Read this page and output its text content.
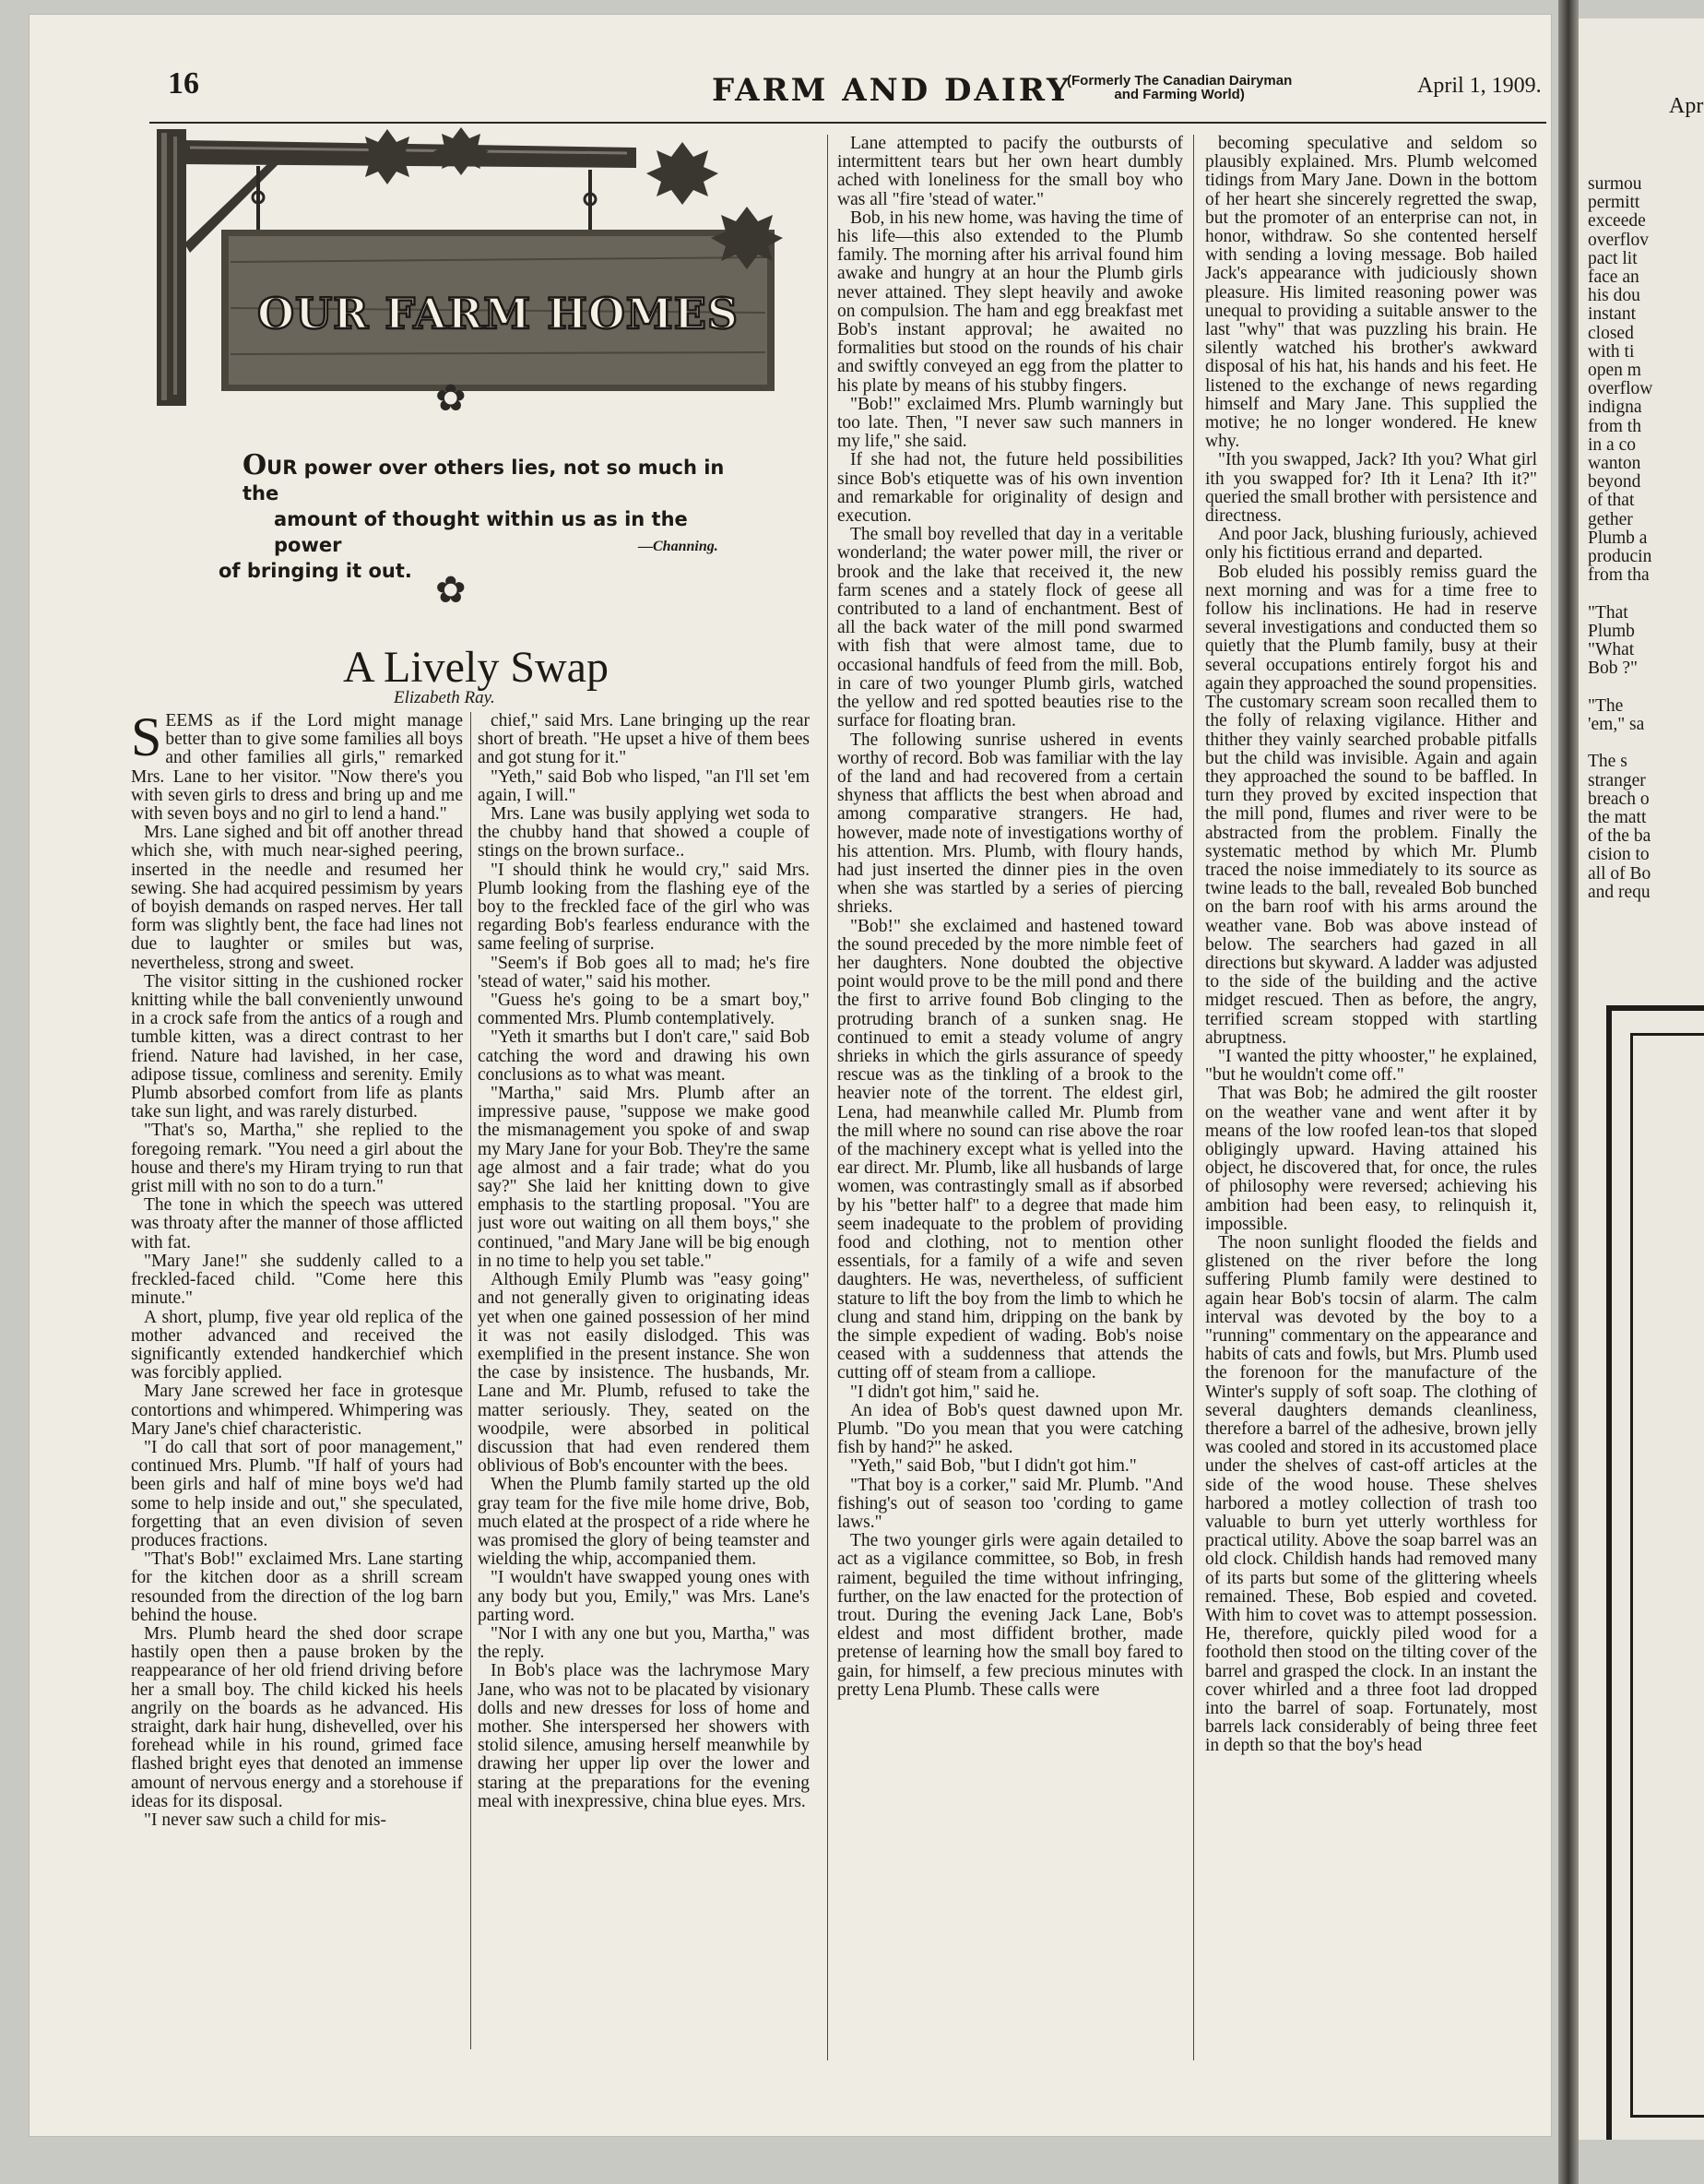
16	FARM AND DAIRY
(Formerly The Canadian Dairyman
and Farming World)	April 1, 1909.
OUR FARM HOMES
✿
OUR power over others lies, not so much in the
amount of thought within us as in the power
of bringing it out.
—Channing.
✿
A Lively Swap
Elizabeth Ray.

SEEMS as if the Lord might manage better than to give some families all boys and other families all girls," remarked Mrs. Lane to her visitor. "Now there's you with seven girls to dress and bring up and me with seven boys and no girl to lend a hand."

Mrs. Lane sighed and bit off another thread which she, with much near-sighed peering, inserted in the needle and resumed her sewing. She had acquired pessimism by years of boyish demands on rasped nerves. Her tall form was slightly bent, the face had lines not due to laughter or smiles but was, nevertheless, strong and sweet.

The visitor sitting in the cushioned rocker knitting while the ball conveniently unwound in a crock safe from the antics of a rough and tumble kitten, was a direct contrast to her friend. Nature had lavished, in her case, adipose tissue, comliness and serenity. Emily Plumb absorbed comfort from life as plants take sun light, and was rarely disturbed.

"That's so, Martha," she replied to the foregoing remark. "You need a girl about the house and there's my Hiram trying to run that grist mill with no son to do a turn."

The tone in which the speech was uttered was throaty after the manner of those afflicted with fat.

"Mary Jane!" she suddenly called to a freckled-faced child. "Come here this minute."

A short, plump, five year old replica of the mother advanced and received the significantly extended handkerchief which was forcibly applied.

Mary Jane screwed her face in grotesque contortions and whimpered. Whimpering was Mary Jane's chief characteristic.

"I do call that sort of poor management," continued Mrs. Plumb. "If half of yours had been girls and half of mine boys we'd had some to help inside and out," she speculated, forgetting that an even division of seven produces fractions.

"That's Bob!" exclaimed Mrs. Lane starting for the kitchen door as a shrill scream resounded from the direction of the log barn behind the house.

Mrs. Plumb heard the shed door scrape hastily open then a pause broken by the reappearance of her old friend driving before her a small boy. The child kicked his heels angrily on the boards as he advanced. His straight, dark hair hung, dishevelled, over his forehead while in his round, grimed face flashed bright eyes that denoted an immense amount of nervous energy and a storehouse if ideas for its disposal.

"I never saw such a child for mis-

chief," said Mrs. Lane bringing up the rear short of breath. "He upset a hive of them bees and got stung for it."

"Yeth," said Bob who lisped, "an I'll set 'em again, I will."

Mrs. Lane was busily applying wet soda to the chubby hand that showed a couple of stings on the brown surface..

"I should think he would cry," said Mrs. Plumb looking from the flashing eye of the boy to the freckled face of the girl who was regarding Bob's fearless endurance with the same feeling of surprise.

"Seem's if Bob goes all to mad; he's fire 'stead of water," said his mother.

"Guess he's going to be a smart boy," commented Mrs. Plumb contemplatively.

"Yeth it smarths but I don't care," said Bob catching the word and drawing his own conclusions as to what was meant.

"Martha," said Mrs. Plumb after an impressive pause, "suppose we make good the mismanagement you spoke of and swap my Mary Jane for your Bob. They're the same age almost and a fair trade; what do you say?" She laid her knitting down to give emphasis to the startling proposal. "You are just wore out waiting on all them boys," she continued, "and Mary Jane will be big enough in no time to help you set table."

Although Emily Plumb was "easy going" and not generally given to originating ideas yet when one gained possession of her mind it was not easily dislodged. This was exemplified in the present instance. She won the case by insistence. The husbands, Mr. Lane and Mr. Plumb, refused to take the matter seriously. They, seated on the woodpile, were absorbed in political discussion that had even rendered them oblivious of Bob's encounter with the bees.

When the Plumb family started up the old gray team for the five mile home drive, Bob, much elated at the prospect of a ride where he was promised the glory of being teamster and wielding the whip, accompanied them.

"I wouldn't have swapped young ones with any body but you, Emily," was Mrs. Lane's parting word.

"Nor I with any one but you, Martha," was the reply.

In Bob's place was the lachrymose Mary Jane, who was not to be placated by visionary dolls and new dresses for loss of home and mother. She interspersed her showers with stolid silence, amusing herself meanwhile by drawing her upper lip over the lower and staring at the preparations for the evening meal with inexpressive, china blue eyes. Mrs.

Lane attempted to pacify the outbursts of intermittent tears but her own heart dumbly ached with loneliness for the small boy who was all "fire 'stead of water."

Bob, in his new home, was having the time of his life—this also extended to the Plumb family. The morning after his arrival found him awake and hungry at an hour the Plumb girls never attained. They slept heavily and awoke on compulsion. The ham and egg breakfast met Bob's instant approval; he awaited no formalities but stood on the rounds of his chair and swiftly conveyed an egg from the platter to his plate by means of his stubby fingers.

"Bob!" exclaimed Mrs. Plumb warningly but too late. Then, "I never saw such manners in my life," she said.

If she had not, the future held possibilities since Bob's etiquette was of his own invention and remarkable for originality of design and execution.

The small boy revelled that day in a veritable wonderland; the water power mill, the river or brook and the lake that received it, the new farm scenes and a stately flock of geese all contributed to a land of enchantment. Best of all the back water of the mill pond swarmed with fish that were almost tame, due to occasional handfuls of feed from the mill. Bob, in care of two younger Plumb girls, watched the yellow and red spotted beauties rise to the surface for floating bran.

The following sunrise ushered in events worthy of record. Bob was familiar with the lay of the land and had recovered from a certain shyness that afflicts the best when abroad and among comparative strangers. He had, however, made note of investigations worthy of his attention. Mrs. Plumb, with floury hands, had just inserted the dinner pies in the oven when she was startled by a series of piercing shrieks.

"Bob!" she exclaimed and hastened toward the sound preceded by the more nimble feet of her daughters. None doubted the objective point would prove to be the mill pond and there the first to arrive found Bob clinging to the protruding branch of a sunken snag. He continued to emit a steady volume of angry shrieks in which the girls assurance of speedy rescue was as the tinkling of a brook to the heavier note of the torrent. The eldest girl, Lena, had meanwhile called Mr. Plumb from the mill where no sound can rise above the roar of the machinery except what is yelled into the ear direct. Mr. Plumb, like all husbands of large women, was contrastingly small as if absorbed by his "better half" to a degree that made him seem inadequate to the problem of providing food and clothing, not to mention other essentials, for a family of a wife and seven daughters. He was, nevertheless, of sufficient stature to lift the boy from the limb to which he clung and stand him, dripping on the bank by the simple expedient of wading. Bob's noise ceased with a suddenness that attends the cutting off of steam from a calliope.

"I didn't got him," said he.

An idea of Bob's quest dawned upon Mr. Plumb. "Do you mean that you were catching fish by hand?" he asked.

"Yeth," said Bob, "but I didn't got him."

"That boy is a corker," said Mr. Plumb. "And fishing's out of season too 'cording to game laws."

The two younger girls were again detailed to act as a vigilance committee, so Bob, in fresh raiment, beguiled the time without infringing, further, on the law enacted for the protection of trout. During the evening Jack Lane, Bob's eldest and most diffident brother, made pretense of learning how the small boy fared to gain, for himself, a few precious minutes with pretty Lena Plumb. These calls were

becoming speculative and seldom so plausibly explained. Mrs. Plumb welcomed tidings from Mary Jane. Down in the bottom of her heart she sincerely regretted the swap, but the promoter of an enterprise can not, in honor, withdraw. So she contented herself with sending a loving message. Bob hailed Jack's appearance with judiciously shown pleasure. His limited reasoning power was unequal to providing a suitable answer to the last "why" that was puzzling his brain. He silently watched his brother's awkward disposal of his hat, his hands and his feet. He listened to the exchange of news regarding himself and Mary Jane. This supplied the motive; he no longer wondered. He knew why.

"Ith you swapped, Jack? Ith you? What girl ith you swapped for? Ith it Lena? Ith it?" queried the small brother with persistence and directness.

And poor Jack, blushing furiously, achieved only his fictitious errand and departed.

Bob eluded his possibly remiss guard the next morning and was for a time free to follow his inclinations. He had in reserve several investigations and conducted them so quietly that the Plumb family, busy at their several occupations entirely forgot his and again they approached the sound propensities. The customary scream soon recalled them to the folly of relaxing vigilance. Hither and thither they vainly searched probable pitfalls but the child was invisible. Again and again they approached the sound to be baffled. In turn they proved by excited inspection that the mill pond, flumes and river were to be abstracted from the problem. Finally the systematic method by which Mr. Plumb traced the noise immediately to its source as twine leads to the ball, revealed Bob bunched on the barn roof with his arms around the weather vane. Bob was above instead of below. The searchers had gazed in all directions but skyward. A ladder was adjusted to the side of the building and the active midget rescued. Then as before, the angry, terrified scream stopped with startling abruptness.

"I wanted the pitty whooster," he explained, "but he wouldn't come off."

That was Bob; he admired the gilt rooster on the weather vane and went after it by means of the low roofed lean-tos that sloped obligingly upward. Having attained his object, he discovered that, for once, the rules of philosophy were reversed; achieving his ambition had been easy, to relinquish it, impossible.

The noon sunlight flooded the fields and glistened on the river before the long suffering Plumb family were destined to again hear Bob's tocsin of alarm. The calm interval was devoted by the boy to a "running" commentary on the appearance and habits of cats and fowls, but Mrs. Plumb used the forenoon for the manufacture of the Winter's supply of soft soap. The clothing of several daughters demands cleanliness, therefore a barrel of the adhesive, brown jelly was cooled and stored in its accustomed place under the shelves of cast-off articles at the side of the wood house. These shelves harbored a motley collection of trash too valuable to burn yet utterly worthless for practical utility. Above the soap barrel was an old clock. Childish hands had removed many of its parts but some of the glittering wheels remained. These, Bob espied and coveted. With him to covet was to attempt possession. He, therefore, quickly piled wood for a foothold then stood on the tilting cover of the barrel and grasped the clock. In an instant the cover whirled and a three foot lad dropped into the barrel of soap. Fortunately, most barrels lack considerably of being three feet in depth so that the boy's head

Apr
surmou
permitt
exceede
overflov
pact lit
face an
his dou
instant
closed
with ti
open m
overflow
indigna
from th
in a co
wanton
beyond
of that
gether
Plumb a
producin
from tha

"That
Plumb
"What
Bob ?"

"The
'em," sa

The s
stranger
breach o
the matt
of the ba
cision to
all of Bo
and requ
